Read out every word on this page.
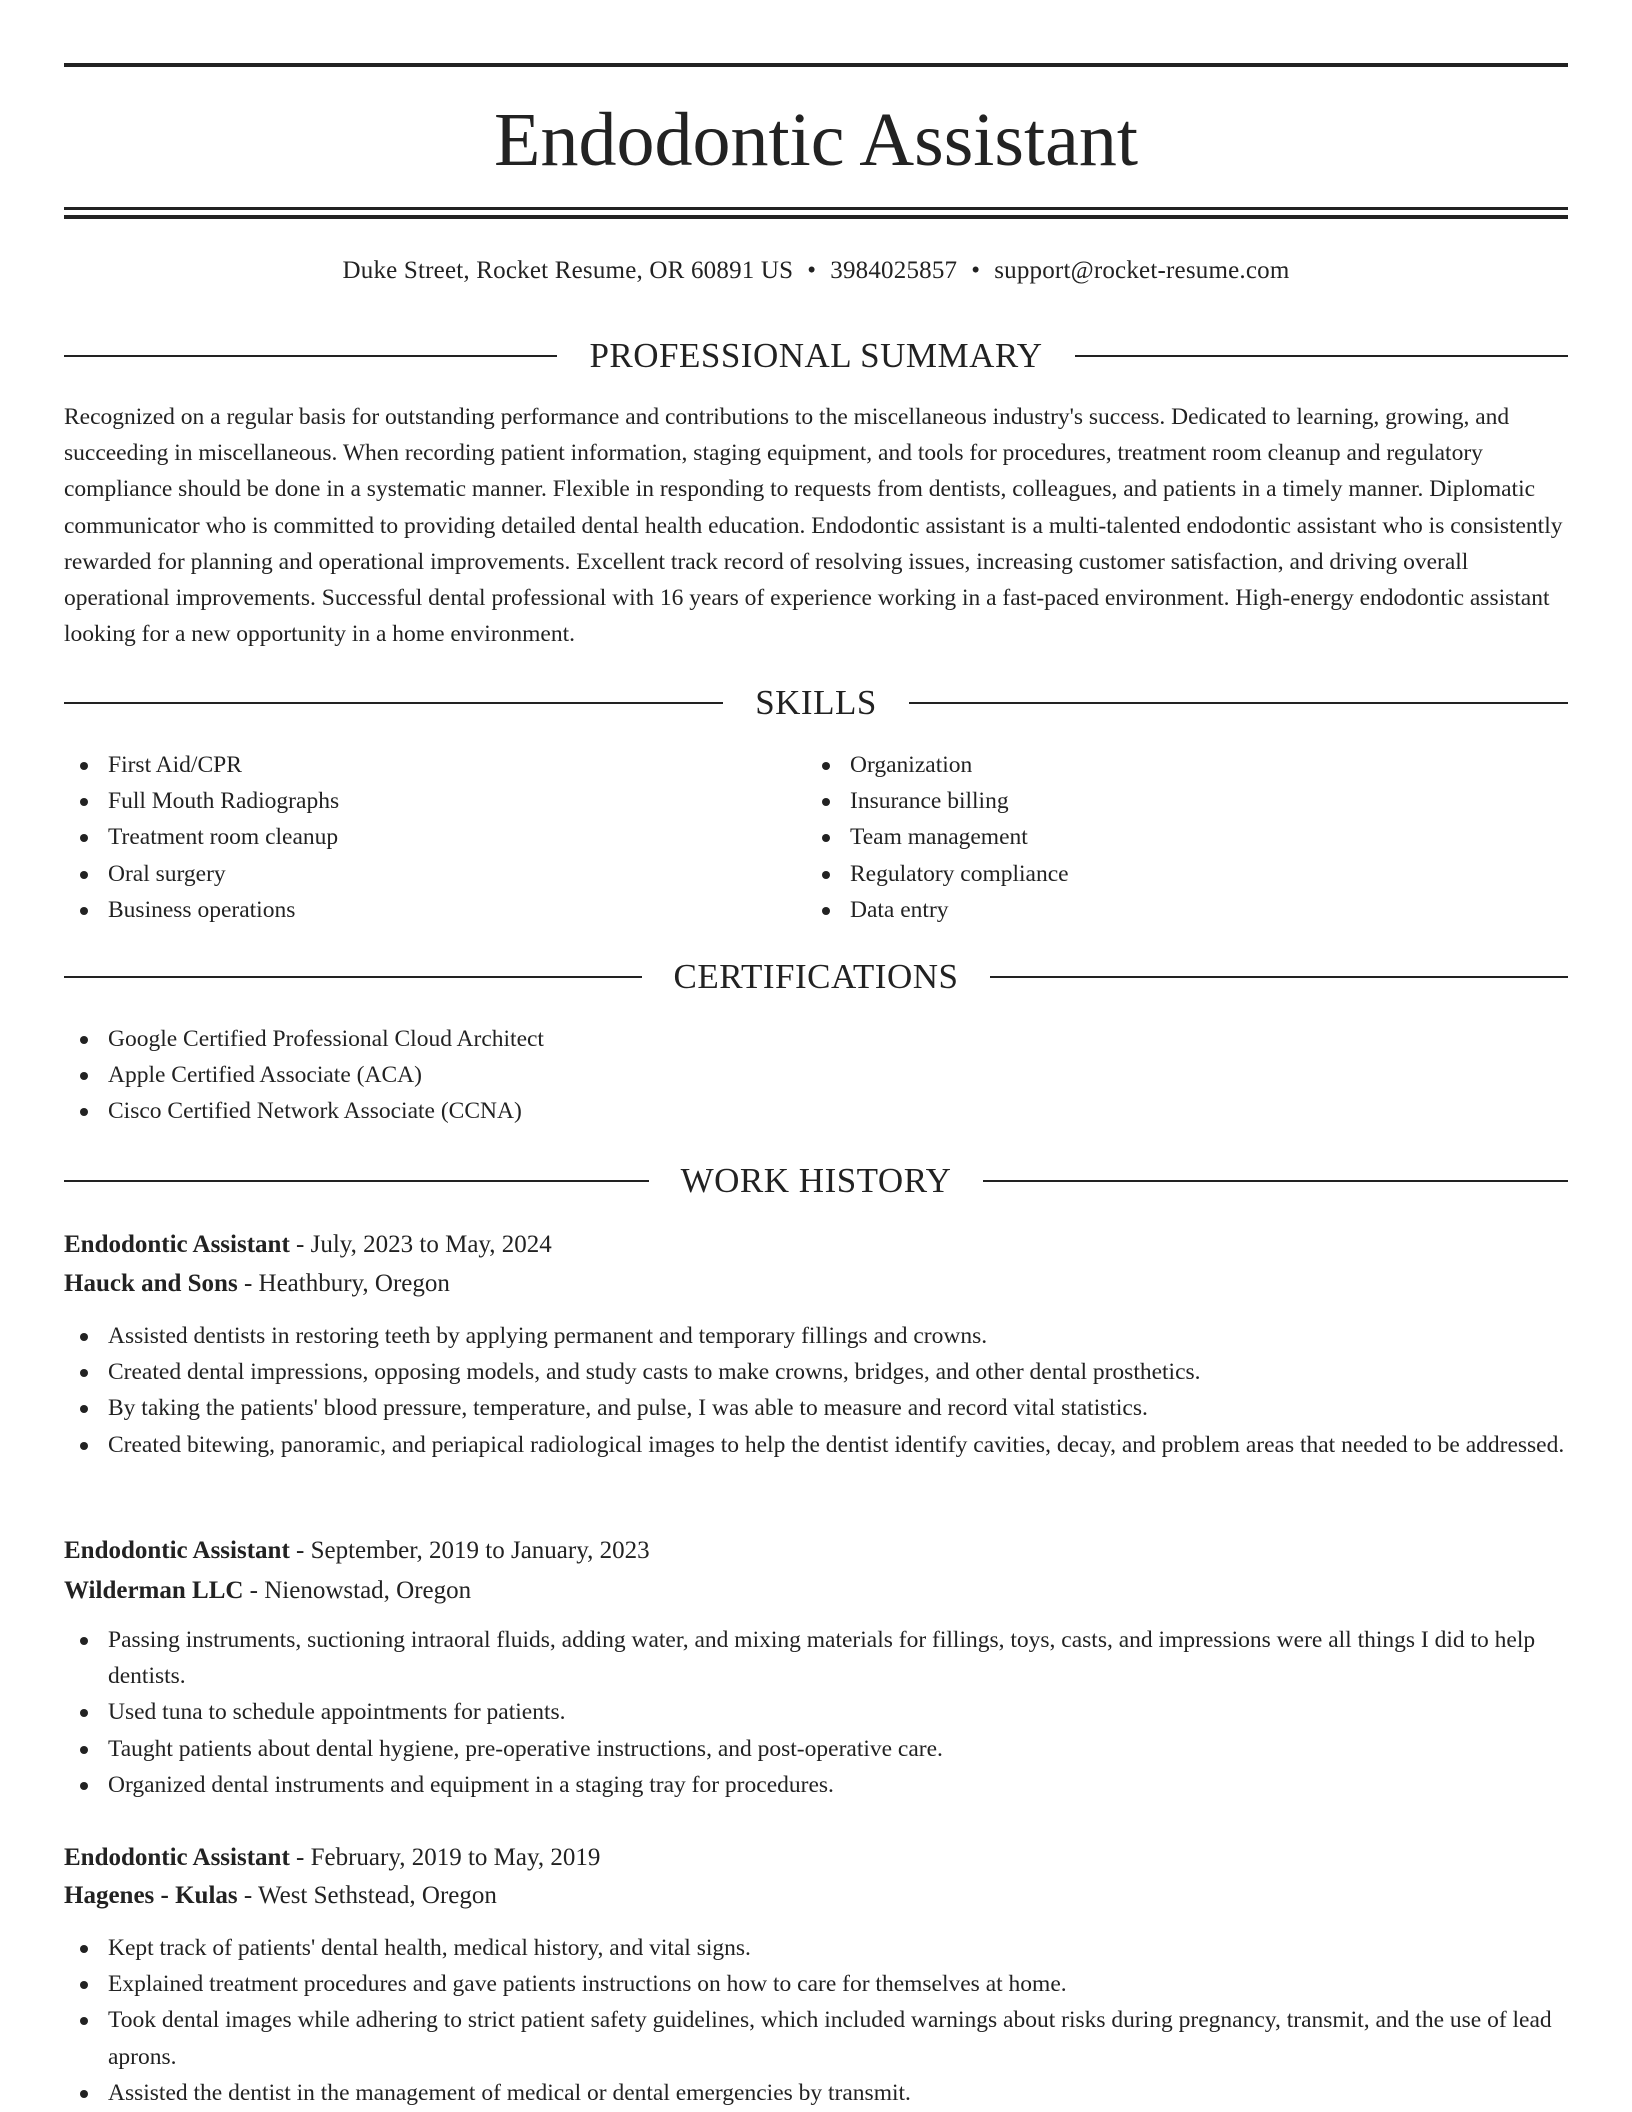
Endodontic Assistant
Duke Street, Rocket Resume, OR 60891 US • 3984025857 • support@rocket-resume.com
PROFESSIONAL SUMMARY

Recognized on a regular basis for outstanding performance and contributions to the miscellaneous industry's success. Dedicated to learning, growing, and succeeding in miscellaneous. When recording patient information, staging equipment, and tools for procedures, treatment room cleanup and regulatory compliance should be done in a systematic manner. Flexible in responding to requests from dentists, colleagues, and patients in a timely manner. Diplomatic communicator who is committed to providing detailed dental health education. Endodontic assistant is a multi-talented endodontic assistant who is consistently rewarded for planning and operational improvements. Excellent track record of resolving issues, increasing customer satisfaction, and driving overall operational improvements. Successful dental professional with 16 years of experience working in a fast-paced environment. High-energy endodontic assistant looking for a new opportunity in a home environment.

SKILLS
First Aid/CPR
Full Mouth Radiographs
Treatment room cleanup
Oral surgery
Business operations
Organization
Insurance billing
Team management
Regulatory compliance
Data entry
CERTIFICATIONS
Google Certified Professional Cloud Architect
Apple Certified Associate (ACA)
Cisco Certified Network Associate (CCNA)
WORK HISTORY
Endodontic Assistant - July, 2023 to May, 2024
Hauck and Sons - Heathbury, Oregon
Assisted dentists in restoring teeth by applying permanent and temporary fillings and crowns.
Created dental impressions, opposing models, and study casts to make crowns, bridges, and other dental prosthetics.
By taking the patients' blood pressure, temperature, and pulse, I was able to measure and record vital statistics.
Created bitewing, panoramic, and periapical radiological images to help the dentist identify cavities, decay, and problem areas that needed to be addressed.
Endodontic Assistant - September, 2019 to January, 2023
Wilderman LLC - Nienowstad, Oregon
Passing instruments, suctioning intraoral fluids, adding water, and mixing materials for fillings, toys, casts, and impressions were all things I did to help dentists.
Used tuna to schedule appointments for patients.
Taught patients about dental hygiene, pre-operative instructions, and post-operative care.
Organized dental instruments and equipment in a staging tray for procedures.
Endodontic Assistant - February, 2019 to May, 2019
Hagenes - Kulas - West Sethstead, Oregon
Kept track of patients' dental health, medical history, and vital signs.
Explained treatment procedures and gave patients instructions on how to care for themselves at home.
Took dental images while adhering to strict patient safety guidelines, which included warnings about risks during pregnancy, transmit, and the use of lead aprons.
Assisted the dentist in the management of medical or dental emergencies by transmit.
